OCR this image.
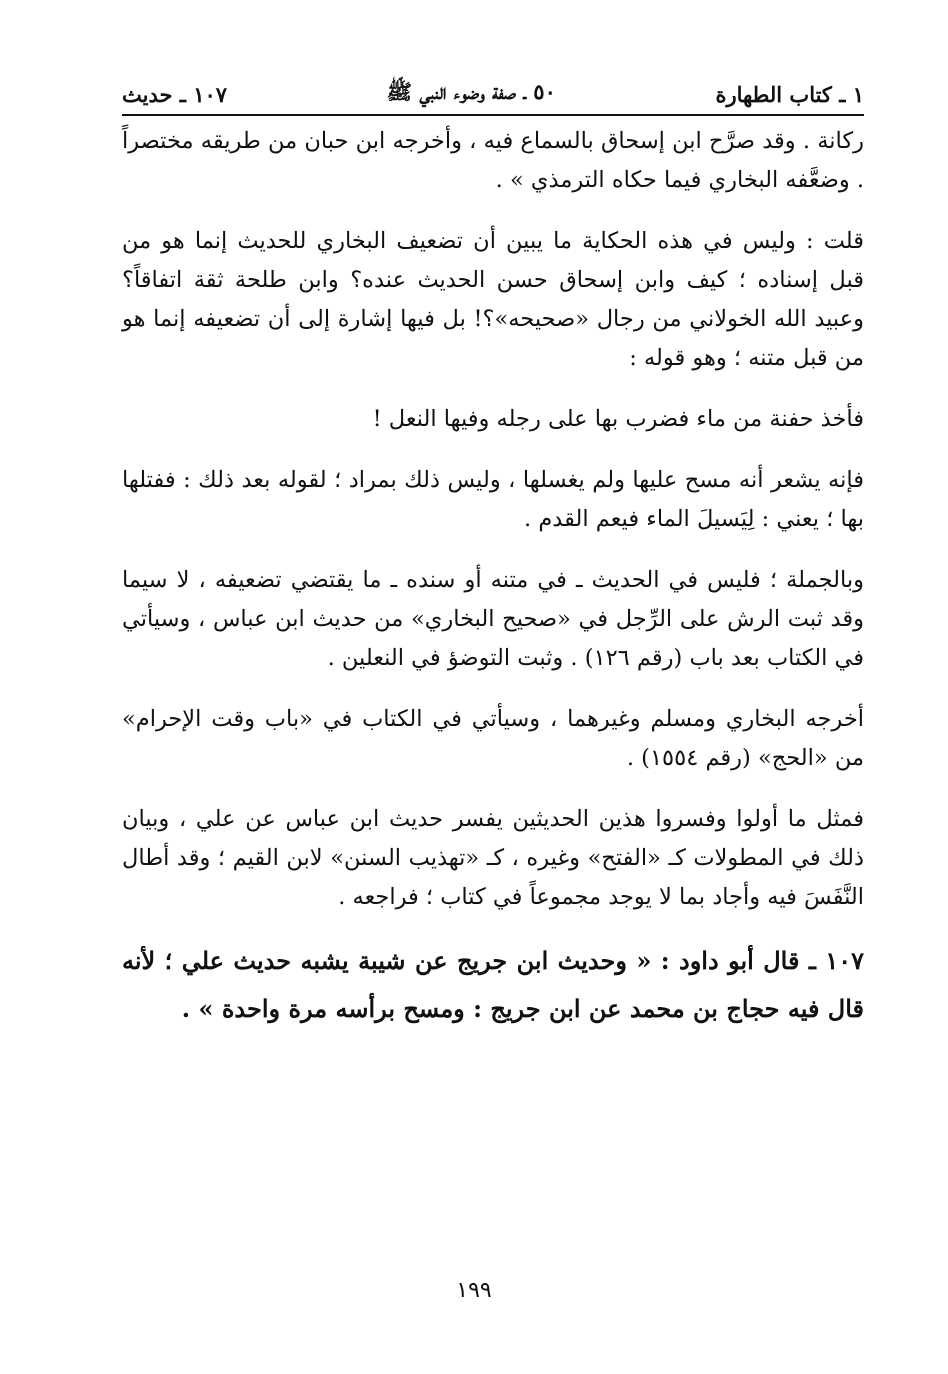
١ ـ كتاب الطهارة
٥٠ ـ صفة وضوء النبي ﷺ
١٠٧ ـ حديث

ركانة . وقد صرَّح ابن إسحاق بالسماع فيه ، وأخرجه ابن حبان من طريقه مختصراً . وضعَّفه البخاري فيما حكاه الترمذي » .

قلت : وليس في هذه الحكاية ما يبين أن تضعيف البخاري للحديث إنما هو من قبل إسناده ؛ كيف وابن إسحاق حسن الحديث عنده؟ وابن طلحة ثقة اتفاقاً؟ وعبيد الله الخولاني من رجال «صحيحه»؟! بل فيها إشارة إلى أن تضعيفه إنما هو من قبل متنه ؛ وهو قوله :

فأخذ حفنة من ماء فضرب بها على رجله وفيها النعل !

فإنه يشعر أنه مسح عليها ولم يغسلها ، وليس ذلك بمراد ؛ لقوله بعد ذلك : ففتلها بها ؛ يعني : لِيَسيلَ الماء فيعم القدم .

وبالجملة ؛ فليس في الحديث ـ في متنه أو سنده ـ ما يقتضي تضعيفه ، لا سيما وقد ثبت الرش على الرِّجل في «صحيح البخاري» من حديث ابن عباس ، وسيأتي في الكتاب بعد باب (رقم ١٢٦) . وثبت التوضؤ في النعلين .

أخرجه البخاري ومسلم وغيرهما ، وسيأتي في الكتاب في «باب وقت الإحرام» من «الحج» (رقم ١٥٥٤) .

فمثل ما أولوا وفسروا هذين الحديثين يفسر حديث ابن عباس عن علي ، وبيان ذلك في المطولات كـ «الفتح» وغيره ، كـ «تهذيب السنن» لابن القيم ؛ وقد أطال النَّفَسَ فيه وأجاد بما لا يوجد مجموعاً في كتاب ؛ فراجعه .

١٠٧ ـ قال أبو داود : « وحديث ابن جريج عن شيبة يشبه حديث علي ؛ لأنه قال فيه حجاج بن محمد عن ابن جريج : ومسح برأسه مرة واحدة » .

١٩٩
